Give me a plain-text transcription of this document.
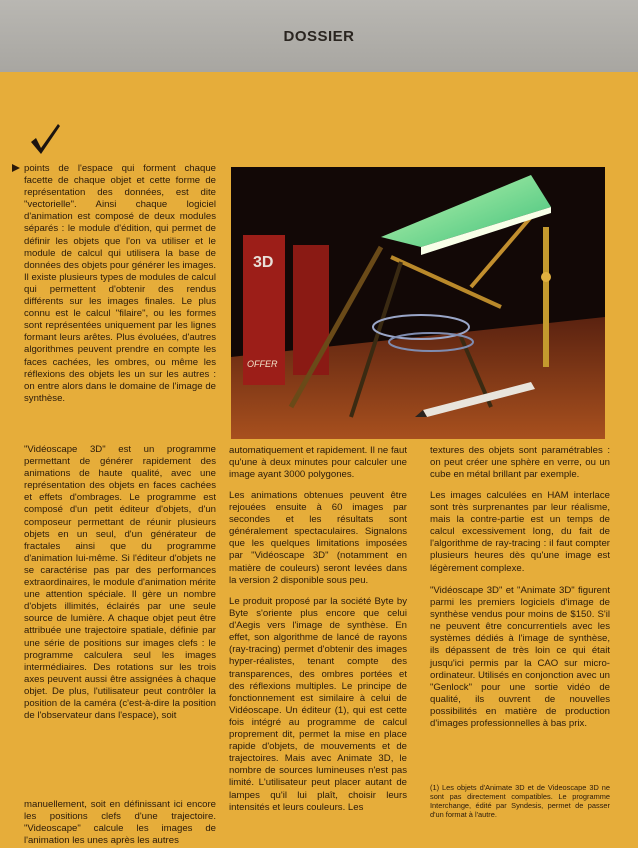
DOSSIER

points de l'espace qui forment chaque facette de chaque objet et cette forme de représentation des données, est dite "vectorielle". Ainsi chaque logiciel d'animation est composé de deux modules séparés : le module d'édition, qui permet de définir les objets que l'on va utiliser et le module de calcul qui utilisera la base de données des objets pour générer les images. Il existe plusieurs types de modules de calcul qui permettent d'obtenir des rendus différents sur les images finales. Le plus connu est le calcul "filaire", ou les formes sont représentées uniquement par les lignes formant leurs arêtes. Plus évoluées, d'autres algorithmes peuvent prendre en compte les faces cachées, les ombres, ou même les réflexions des objets les un sur les autres : on entre alors dans le domaine de l'image de synthèse.

"Vidéoscape 3D" est un programme permettant de générer rapidement des animations de haute qualité, avec une représentation des objets en faces cachées et effets d'ombrages. Le programme est composé d'un petit éditeur d'objets, d'un composeur permettant de réunir plusieurs objets en un seul, d'un générateur de fractales ainsi que du programme d'animation lui-même. Si l'éditeur d'objets ne se caractérise pas par des performances extraordinaires, le module d'animation mérite une attention spéciale. Il gère un nombre d'objets illimités, éclairés par une seule source de lumière. A chaque objet peut être attribuée une trajectoire spatiale, définie par une série de positions sur images clefs : le programme calculera seul les images intermédiaires. Des rotations sur les trois axes peuvent aussi être assignées à chaque objet. De plus, l'utilisateur peut contrôler la position de la caméra (c'est-à-dire la position de l'observateur dans l'espace), soit

manuellement, soit en définissant ici encore les positions clefs d'une trajectoire. "Videoscape" calcule les images de l'animation les unes après les autres

3D
OFFER

automatiquement et rapidement. Il ne faut qu'une à deux minutes pour calculer une image ayant 3000 polygones.

Les animations obtenues peuvent être rejouées ensuite à 60 images par secondes et les résultats sont généralement spectaculaires. Signalons que les quelques limitations imposées par "Vidéoscape 3D" (notamment en matière de couleurs) seront levées dans la version 2 disponible sous peu.

Le produit proposé par la société Byte by Byte s'oriente plus encore que celui d'Aegis vers l'image de synthèse. En effet, son algorithme de lancé de rayons (ray-tracing) permet d'obtenir des images hyper-réalistes, tenant compte des transparences, des ombres portées et des réflexions multiples. Le principe de fonctionnement est similaire à celui de Vidéoscape. Un éditeur (1), qui est cette fois intégré au programme de calcul proprement dit, permet la mise en place rapide d'objets, de mouvements et de trajectoires. Mais avec Animate 3D, le nombre de sources lumineuses n'est pas limité. L'utilisateur peut placer autant de lampes qu'il lui plaît, choisir leurs intensités et leurs couleurs. Les

textures des objets sont paramétrables : on peut créer une sphère en verre, ou un cube en métal brillant par exemple.

Les images calculées en HAM interlace sont très surprenantes par leur réalisme, mais la contre-partie est un temps de calcul excessivement long, du fait de l'algorithme de ray-tracing : il faut compter plusieurs heures dès qu'une image est légèrement complexe.

"Vidéoscape 3D" et "Animate 3D" figurent parmi les premiers logiciels d'image de synthèse vendus pour moins de $150. S'il ne peuvent être concurrentiels avec les systèmes dédiés à l'image de synthèse, ils dépassent de très loin ce qui était jusqu'ici permis par la CAO sur micro-ordinateur. Utilisés en conjonction avec un "Genlock" pour une sortie vidéo de qualité, ils ouvrent de nouvelles possibilités en matière de production d'images professionnelles à bas prix.

(1) Les objets d'Animate 3D et de Videoscape 3D ne sont pas directement compatibles. Le programme Interchange, édité par Syndesis, permet de passer d'un format à l'autre.
